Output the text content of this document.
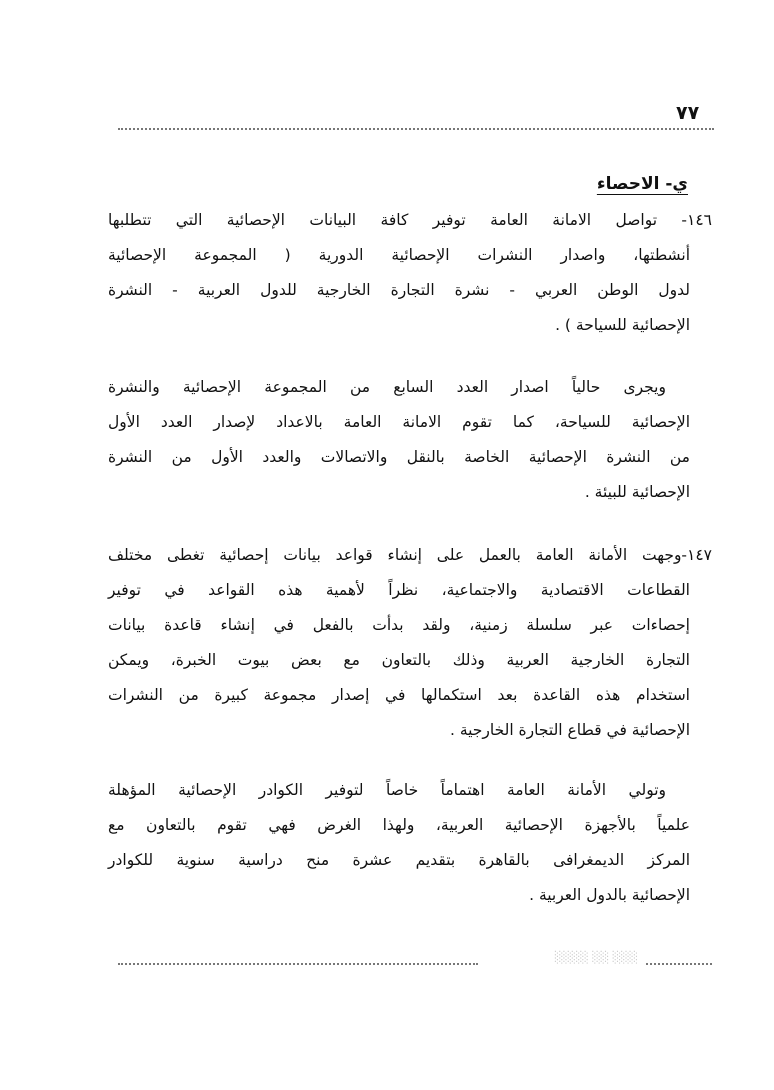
٧٧
ي- الاحصاء
١٤٦- تواصل الامانة العامة توفير كافة البيانات الإحصائية التي تتطلبها
أنشطتها، واصدار النشرات الإحصائية الدورية ( المجموعة الإحصائية
لدول الوطن العربي - نشرة التجارة الخارجية للدول العربية - النشرة
الإحصائية للسياحة ) .
ويجرى حالياً اصدار العدد السابع من المجموعة الإحصائية والنشرة
الإحصائية للسياحة، كما تقوم الامانة العامة بالاعداد لإصدار العدد الأول
من النشرة الإحصائية الخاصة بالنقل والاتصالات والعدد الأول من النشرة
الإحصائية للبيئة .
١٤٧-وجهت الأمانة العامة بالعمل على إنشاء قواعد بيانات إحصائية تغطى مختلف
القطاعات الاقتصادية والاجتماعية، نظراً لأهمية هذه القواعد في توفير
إحصاءات عبر سلسلة زمنية، ولقد بدأت بالفعل في إنشاء قاعدة بيانات
التجارة الخارجية العربية وذلك بالتعاون مع بعض بيوت الخبرة، ويمكن
استخدام هذه القاعدة بعد استكمالها في إصدار مجموعة كبيرة من النشرات
الإحصائية في قطاع التجارة الخارجية .
وتولي الأمانة العامة اهتماماً خاصاً لتوفير الكوادر الإحصائية المؤهلة
علمياً بالأجهزة الإحصائية العربية، ولهذا الغرض فهي تقوم بالتعاون مع
المركز الديمغرافى بالقاهرة بتقديم عشرة منح دراسية سنوية للكوادر
الإحصائية بالدول العربية .
░░░ ░░ ░░░░
